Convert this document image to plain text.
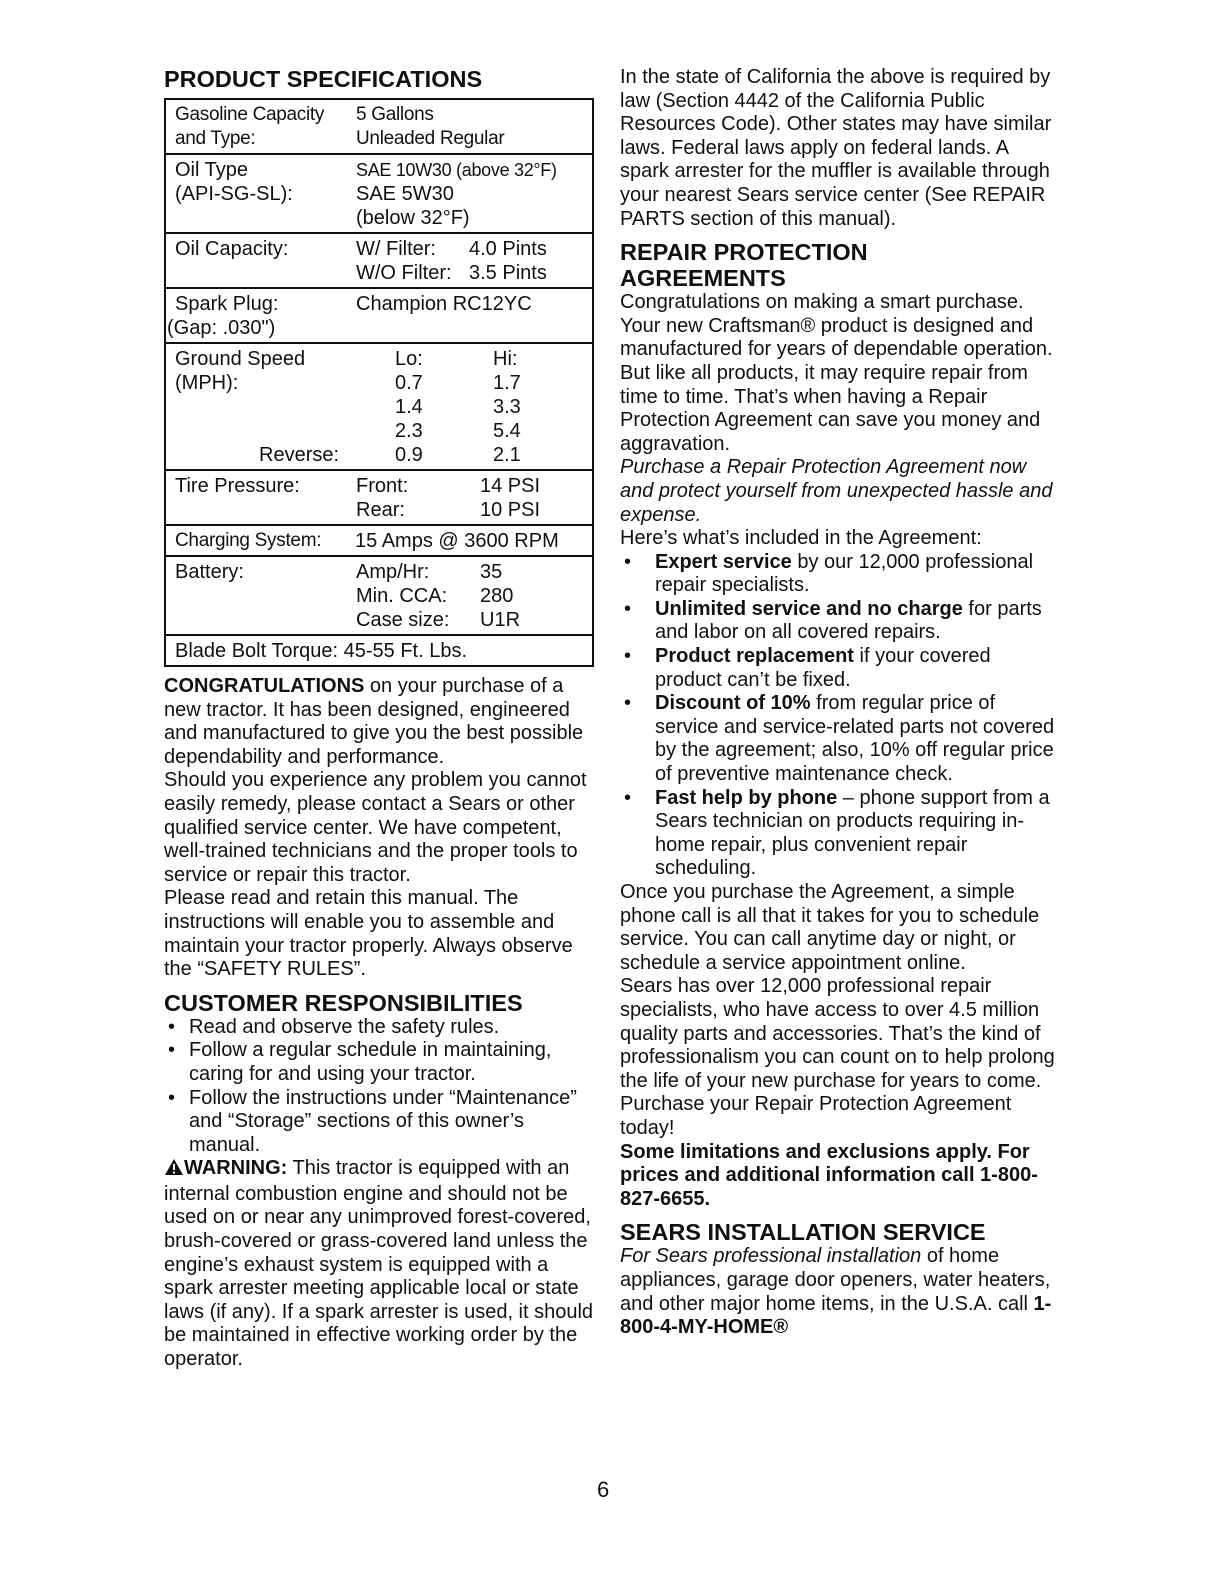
PRODUCT SPECIFICATIONS
Gasoline Capacity 5 Gallons
and Type:	Unleaded Regular
Oil Type	SAE 10W30 (above 32°F)
(API-SG-SL):	SAE 5W30
(below 32°F)
Oil Capacity:	W/ Filter: 4.0 Pints
W/O Filter: 3.5 Pints
Spark Plug:	Champion RC12YC
(Gap: .030")
Ground Speed	Lo:	Hi:
(MPH):	0.7	1.7
1.4	3.3
2.3	5.4
Reverse:	0.9	2.1
Tire Pressure:	Front:	14 PSI
Rear:	10 PSI
Charging System: 15 Amps @ 3600 RPM
Battery:	Amp/Hr:	35
Min. CCA: 280
Case size: U1R
Blade Bolt Torque: 45-55 Ft. Lbs.

CONGRATULATIONS on your purchase of a new tractor. It has been designed, engineered and manufactured to give you the best possible dependability and performance.

Should you experience any problem you cannot easily remedy, please contact a Sears or other qualified service center. We have competent, well-trained technicians and the proper tools to service or repair this tractor.

Please read and retain this manual. The instructions will enable you to assemble and maintain your tractor properly. Always observe the “SAFETY RULES”.

CUSTOMER RESPONSIBILITIES
• Read and observe the safety rules.
• Follow a regular schedule in maintaining, caring for and using your tractor.
• Follow the instructions under “Maintenance” and “Storage” sections of this owner’s manual.

WARNING: This tractor is equipped with an internal combustion engine and should not be used on or near any unimproved forest-covered, brush-covered or grass-covered land unless the engine’s exhaust system is equipped with a spark arrester meeting applicable local or state laws (if any). If a spark arrester is used, it should be maintained in effective working order by the operator.

In the state of California the above is required by law (Section 4442 of the California Public Resources Code). Other states may have similar laws. Federal laws apply on federal lands. A spark arrester for the muffler is available through your nearest Sears service center (See REPAIR PARTS section of this manual).

REPAIR PROTECTION
AGREEMENTS

Congratulations on making a smart purchase. Your new Craftsman® product is designed and manufactured for years of dependable operation. But like all products, it may require repair from time to time. That’s when having a Repair Protection Agreement can save you money and aggravation.

Purchase a Repair Protection Agreement now and protect yourself from unexpected hassle and expense.

Here’s what’s included in the Agreement:

• Expert service by our 12,000 professional repair specialists.
• Unlimited service and no charge for parts and labor on all covered repairs.
• Product replacement if your covered product can’t be fixed.
• Discount of 10% from regular price of service and service-related parts not covered by the agreement; also, 10% off regular price of preventive maintenance check.
• Fast help by phone – phone support from a Sears technician on products requiring in-home repair, plus convenient repair scheduling.

Once you purchase the Agreement, a simple phone call is all that it takes for you to schedule service. You can call anytime day or night, or schedule a service appointment online.

Sears has over 12,000 professional repair specialists, who have access to over 4.5 million quality parts and accessories. That’s the kind of professionalism you can count on to help prolong the life of your new purchase for years to come. Purchase your Repair Protection Agreement today!

Some limitations and exclusions apply. For prices and additional information call 1-800-827-6655.

SEARS INSTALLATION SERVICE

For Sears professional installation of home appliances, garage door openers, water heaters, and other major home items, in the U.S.A. call 1-800-4-MY-HOME®

6
